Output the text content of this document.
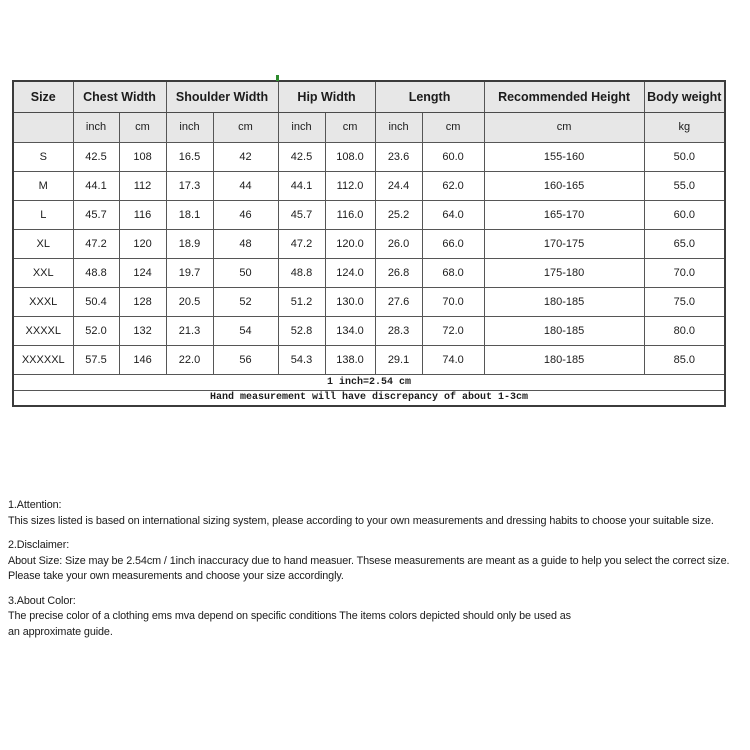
Size	Chest Width		Shoulder Width		Hip Width		Length		Recommended Height	Body weight
	inch	cm	inch	cm	inch	cm	inch	cm	cm	kg
S	42.5	108	16.5	42	42.5	108.0	23.6	60.0	155-160	50.0
M	44.1	112	17.3	44	44.1	112.0	24.4	62.0	160-165	55.0
L	45.7	116	18.1	46	45.7	116.0	25.2	64.0	165-170	60.0
XL	47.2	120	18.9	48	47.2	120.0	26.0	66.0	170-175	65.0
XXL	48.8	124	19.7	50	48.8	124.0	26.8	68.0	175-180	70.0
XXXL	50.4	128	20.5	52	51.2	130.0	27.6	70.0	180-185	75.0
XXXXL	52.0	132	21.3	54	52.8	134.0	28.3	72.0	180-185	80.0
XXXXXL	57.5	146	22.0	56	54.3	138.0	29.1	74.0	180-185	85.0
1 inch=2.54 cm										
Hand measurement will have discrepancy of about 1-3cm										
1.Attention:
This sizes listed is based on international sizing system, please according to your own measurements and dressing habits to choose your suitable size.
2.Disclaimer:
About Size: Size may be 2.54cm / 1inch inaccuracy due to hand measuer. Thsese measurements are meant as a guide to help you select the correct size.
Please take your own measurements and choose your size accordingly.
3.About Color:
The precise color of a clothing ems mva depend on specific conditions The items colors depicted should only be used as
an approximate guide.
